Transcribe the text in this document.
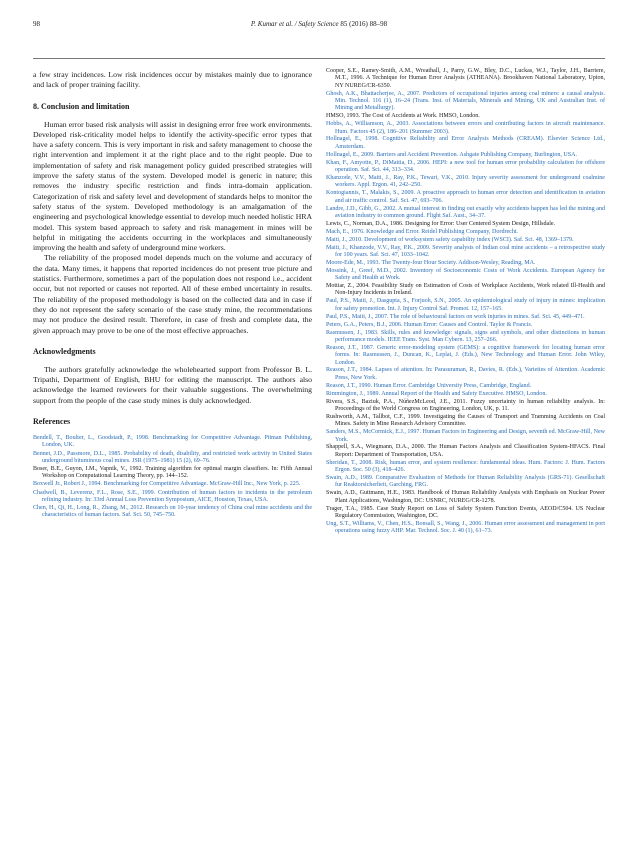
98	P. Kumar et al. / Safety Science 85 (2016) 88–98

a few stray incidences. Low risk incidences occur by mistakes mainly due to ignorance and lack of proper training facility.

8. Conclusion and limitation

Human error based risk analysis will assist in designing error free work environments. Developed risk-criticality model helps to identify the activity-specific error types that have a safety concern. This is very important in risk and safety management to choose the right intervention and implement it at the right place and to the right people. Due to implementation of safety and risk management policy guided prescribed strategies will improve the safety status of the system. Developed model is generic in nature; this removes the industry specific restriction and finds intra-domain application. Categorization of risk and safety level and development of standards helps to monitor the safety status of the system. Developed methodology is an amalgamation of the engineering and psychological knowledge essential to develop much needed holistic HRA model. This system based approach to safety and risk management in mines will be helpful in mitigating the accidents occurring in the workplaces and simultaneously improving the health and safety of underground mine workers.

The reliability of the proposed model depends much on the volume and accuracy of the data. Many times, it happens that reported incidences do not present true picture and statistics. Furthermore, sometimes a part of the population does not respond i.e., accident occur, but not reported or causes not reported. All of these embed uncertainty in results. The reliability of the proposed methodology is based on the collected data and in case if they do not represent the safety scenario of the case study mine, the recommendations may not produce the desired result. Therefore, in case of fresh and complete data, the given approach may prove to be one of the most effective approaches.

Acknowledgments

The authors gratefully acknowledge the wholehearted support from Professor B. L. Tripathi, Department of English, BHU for editing the manuscript. The authors also acknowledge the learned reviewers for their valuable suggestions. The overwhelming support from the people of the case study mines is duly acknowledged.

References

Bendell, T., Boulter, L., Goodstadt, P., 1998. Benchmarking for Competitive Advantage. Pitman Publishing, London, UK.

Bennet, J.D., Passmore, D.L., 1985. Probability of death, disability, and restricted work activity in United States underground bituminous coal mines. JSR (1975–1981) 15 (2), 69–76.

Boser, B.E., Guyon, I.M., Vapnik, V., 1992. Training algorithm for optimal margin classifiers. In: Fifth Annual Workshop on Computational Learning Theory, pp. 144–152.

Boxwell Jr., Robert J., 1994. Benchmarking for Competitive Advantage. McGraw-Hill Inc., New York, p. 225.

Chadwell, B., Leverenz, F.L., Rose, S.E., 1999. Contribution of human factors to incidents in the petroleum refining industry. In: 33rd Annual Loss Prevention Symposium, AICE, Houston, Texas, USA.

Chen, H., Qi, H., Long, R., Zhang, M., 2012. Research on 10-year tendency of China coal mine accidents and the characteristics of human factors. Saf. Sci. 50, 745–750.

Cooper, S.E., Ramey-Smith, A.M., Wreathall, J., Parry, G.W., Bley, D.C., Luckas, W.J., Taylor, J.H., Barriere, M.T., 1996. A Technique for Human Error Analysis (ATHEANA). Brookhaven National Laboratory, Upton, NY NUREG/CR-6350.

Ghosh, A.K., Bhattacherjee, A., 2007. Predictors of occupational injuries among coal miners: a causal analysis. Min. Technol. 116 (1), 16–24 (Trans. Inst. of Materials, Minerals and Mining, UK and Australian Inst. of Mining and Metallurgy).

HMSO, 1993. The Cost of Accidents at Work. HMSO, London.

Hobbs, A., Williamson, A., 2003. Associations between errors and contributing factors in aircraft maintenance. Hum. Factors 45 (2), 186–201 (Summer 2003).

Hollnagel, E., 1998. Cognitive Reliability and Error Analysis Methods (CREAM). Elsevier Science Ltd., Amsterdam.

Hollnagel, E., 2009. Barriers and Accident Prevention. Ashgate Publishing Company, Burlington, USA.

Khan, F., Amyotte, P., DiMattia, D., 2006. HEPI: a new tool for human error probability calculation for offshore operation. Saf. Sci. 44, 313–334.

Khanzode, V.V., Maiti, J., Ray, P.K., Tewari, V.K., 2010. Injury severity assessment for underground coalmine workers. Appl. Ergon. 41, 242–250.

Kontogiannis, T., Malakis, S., 2009. A proactive approach to human error detection and identification in aviation and air traffic control. Saf. Sci. 47, 693–706.

Landre, J.D., Gibb, G., 2002. A mutual interest in finding out exactly why accidents happen has led the mining and aviation industry to common ground. Flight Saf. Aust., 34–37.

Lewis, C., Norman, D.A., 1986. Designing for Error: User Centered System Design, Hillsdale.

Mach, E., 1976. Knowledge and Error. Reidel Publishing Company, Dordrecht.

Maiti, J., 2010. Development of worksystem safety capability index (WSCI). Saf. Sci. 48, 1369–1379.

Maiti, J., Khanzode, V.V., Ray, P.K., 2009. Severity analysis of Indian coal mine accidents – a retrospective study for 100 years. Saf. Sci. 47, 1033–1042.

Moore-Ede, M., 1993. The Twenty-four Hour Society. Addison-Wesley, Reading, MA.

Mossink, J., Greef, M.D., 2002. Inventory of Socioeconomic Costs of Work Accidents. European Agency for Safety and Health at Work.

Mottiar, Z., 2004. Feasibility Study on Estimation of Costs of Workplace Accidents, Work related Ill-Health and Non-Injury Incidents in Ireland.

Paul, P.S., Maiti, J., Dasgupta, S., Forjuoh, S.N., 2005. An epidemiological study of injury in mines: implication for safety promotion. Int. J. Injury Control Saf. Promot. 12, 157–165.

Paul, P.S., Maiti, J., 2007. The role of behavioural factors on work injuries in mines. Saf. Sci. 45, 449–471.

Peters, G.A., Peters, B.J., 2006. Human Error: Causes and Control. Taylor & Francis.

Rasmussen, J., 1983. Skills, rules and knowledge: signals, signs and symbols, and other distinctions in human performance models. IEEE Trans. Syst. Man Cybern. 13, 257–266.

Reason, J.T., 1987. Generic error-modeling system (GEMS): a cognitive framework for locating human error forms. In: Rasmussen, J., Duncan, K., Leplat, J. (Eds.), New Technology and Human Error. John Wiley, London.

Reason, J.T., 1984. Lapses of attention. In: Parasuraman, R., Davies, R. (Eds.), Varieties of Attention. Academic Press, New York.

Reason, J.T., 1990. Human Error. Cambridge University Press, Cambridge, England.

Rimmington, J., 1989. Annual Report of the Health and Safety Executive. HMSO, London.

Rivera, S.S., Baziuk, P.A., NúñezMcLeod, J.E., 2011. Fuzzy uncertainty in human reliability analysis. In: Proceedings of the World Congress on Engineering, London, UK, p. 11.

Rushworth, A.M., Tallbot, C.F., 1999. Investigating the Causes of Transport and Tramming Accidents on Coal Mines. Safety in Mine Research Advisory Committee.

Sanders, M.S., McCormick, E.J., 1997. Human Factors in Engineering and Design, seventh ed. McGraw-Hill, New York.

Shappell, S.A., Wiegmann, D.A., 2000. The Human Factors Analysis and Classification System-HFACS. Final Report: Department of Transportation, USA.

Sheridan, T., 2008. Risk, human error, and system resilience: fundamental ideas. Hum. Factors: J. Hum. Factors Ergon. Soc. 50 (3), 418–426.

Swain, A.D., 1989. Comparative Evaluation of Methods for Human Reliability Analysis (GRS-71). Gesellschaft fur Reaktorsicherheit, Garching, FRG.

Swain, A.D., Guttmann, H.E., 1983. Handbook of Human Reliability Analysis with Emphasis on Nuclear Power Plant Applications, Washington, DC: USNRC, NUREG/CR-1278.

Trager, T.A., 1985. Case Study Report on Loss of Safety System Function Events, AEOD/C504. US Nuclear Regulatory Commission, Washington, DC.

Ung, S.T., Williams, V., Chen, H.S., Bonsall, S., Wang, J., 2006. Human error assessment and management in port operations using fuzzy AHP. Mar. Technol. Soc. J. 40 (1), 61–73.
